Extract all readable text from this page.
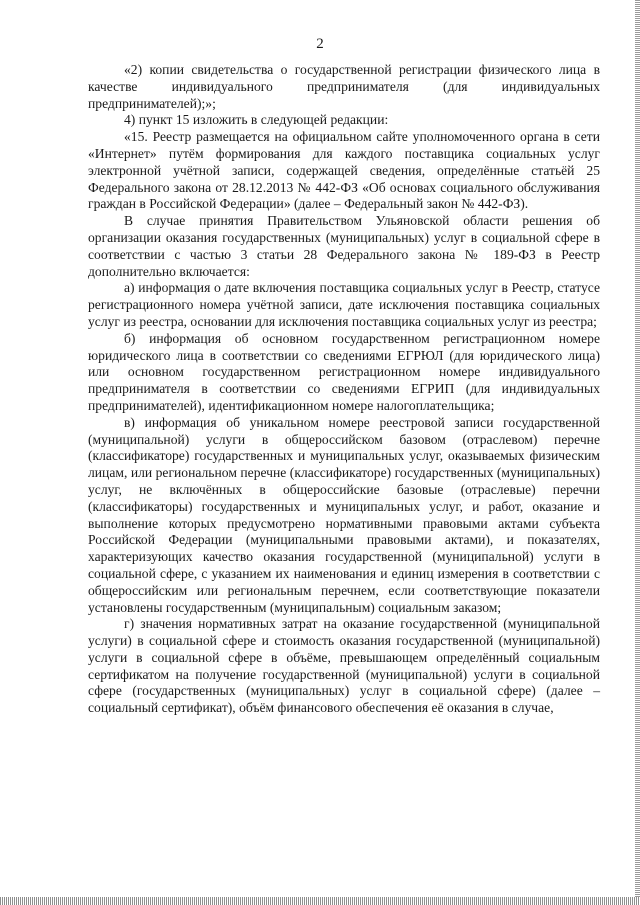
2

«2) копии свидетельства о государственной регистрации физического лица в качестве индивидуального предпринимателя (для индивидуальных предпринимателей);»;

4) пункт 15 изложить в следующей редакции:

«15. Реестр размещается на официальном сайте уполномоченного органа в сети «Интернет» путём формирования для каждого поставщика социальных услуг электронной учётной записи, содержащей сведения, определённые статьёй 25 Федерального закона от 28.12.2013 № 442-ФЗ «Об основах социального обслуживания граждан в Российской Федерации» (далее – Федеральный закон № 442-ФЗ).

В случае принятия Правительством Ульяновской области решения об организации оказания государственных (муниципальных) услуг в социальной сфере в соответствии с частью 3 статьи 28 Федерального закона № 189-ФЗ в Реестр дополнительно включается:

а) информация о дате включения поставщика социальных услуг в Реестр, статусе регистрационного номера учётной записи, дате исключения поставщика социальных услуг из реестра, основании для исключения поставщика социальных услуг из реестра;

б) информация об основном государственном регистрационном номере юридического лица в соответствии со сведениями ЕГРЮЛ (для юридического лица) или основном государственном регистрационном номере индивидуального предпринимателя в соответствии со сведениями ЕГРИП (для индивидуальных предпринимателей), идентификационном номере налогоплательщика;

в) информация об уникальном номере реестровой записи государственной (муниципальной) услуги в общероссийском базовом (отраслевом) перечне (классификаторе) государственных и муниципальных услуг, оказываемых физическим лицам, или региональном перечне (классификаторе) государственных (муниципальных) услуг, не включённых в общероссийские базовые (отраслевые) перечни (классификаторы) государственных и муниципальных услуг, и работ, оказание и выполнение которых предусмотрено нормативными правовыми актами субъекта Российской Федерации (муниципальными правовыми актами), и показателях, характеризующих качество оказания государственной (муниципальной) услуги в социальной сфере, с указанием их наименования и единиц измерения в соответствии с общероссийским или региональным перечнем, если соответствующие показатели установлены государственным (муниципальным) социальным заказом;

г) значения нормативных затрат на оказание государственной (муниципальной услуги) в социальной сфере и стоимость оказания государственной (муниципальной) услуги в социальной сфере в объёме, превышающем определённый социальным сертификатом на получение государственной (муниципальной) услуги в социальной сфере (государственных (муниципальных) услуг в социальной сфере) (далее – социальный сертификат), объём финансового обеспечения её оказания в случае,
